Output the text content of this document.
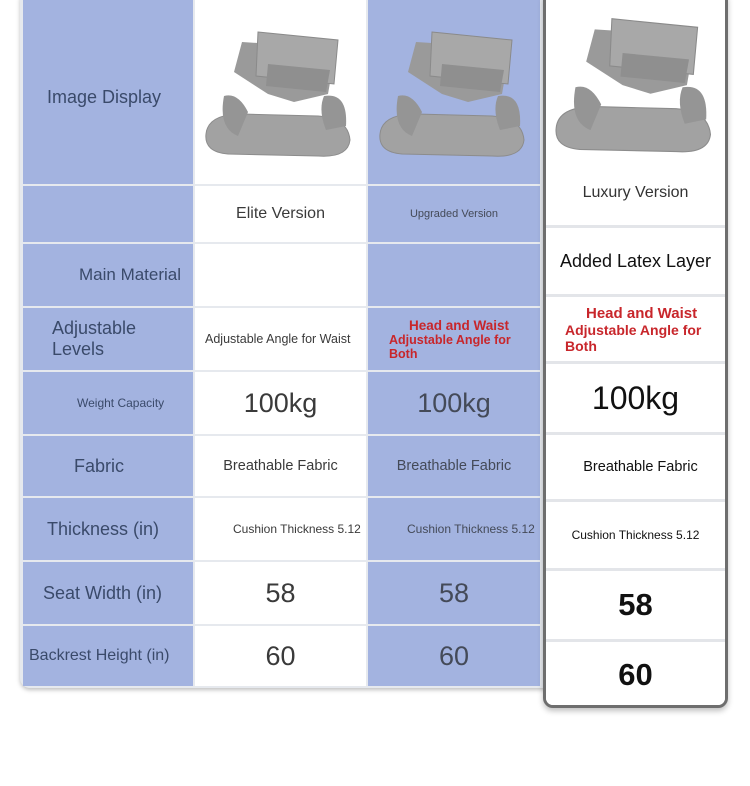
Image Display
Main Material
Adjustable Levels
Weight Capacity
Fabric
Thickness (in)
Seat Width (in)
Backrest Height (in)
Elite Version
Adjustable Angle for Waist
100kg
Breathable Fabric
Cushion Thickness 5.12
58
60
Upgraded Version
Head and Waist
Adjustable Angle for Both
100kg
Breathable Fabric
Cushion Thickness 5.12
58
60
Luxury Version
Added Latex Layer
Head and Waist
Adjustable Angle for Both
100kg
Breathable Fabric
Cushion Thickness 5.12
58
60
